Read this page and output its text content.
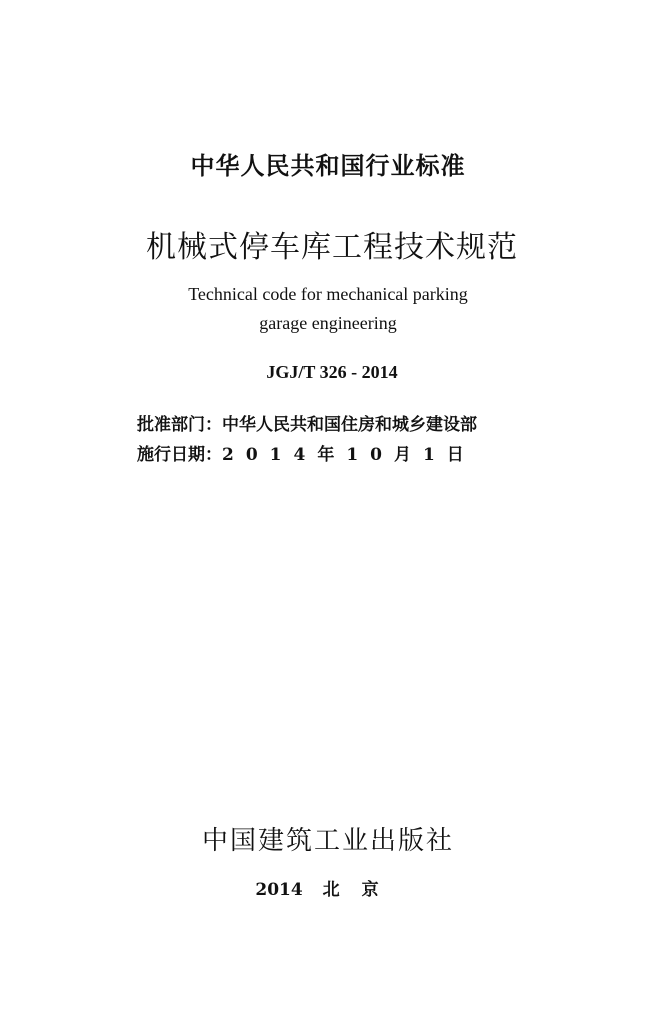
中华人民共和国行业标准
机械式停车库工程技术规范
Technical code for mechanical parking
garage engineering
JGJ/T 326 - 2014
批准部门： 中华人民共和国住房和城乡建设部
施行日期： 2014年10月1日
中国建筑工业出版社
2014 北京
